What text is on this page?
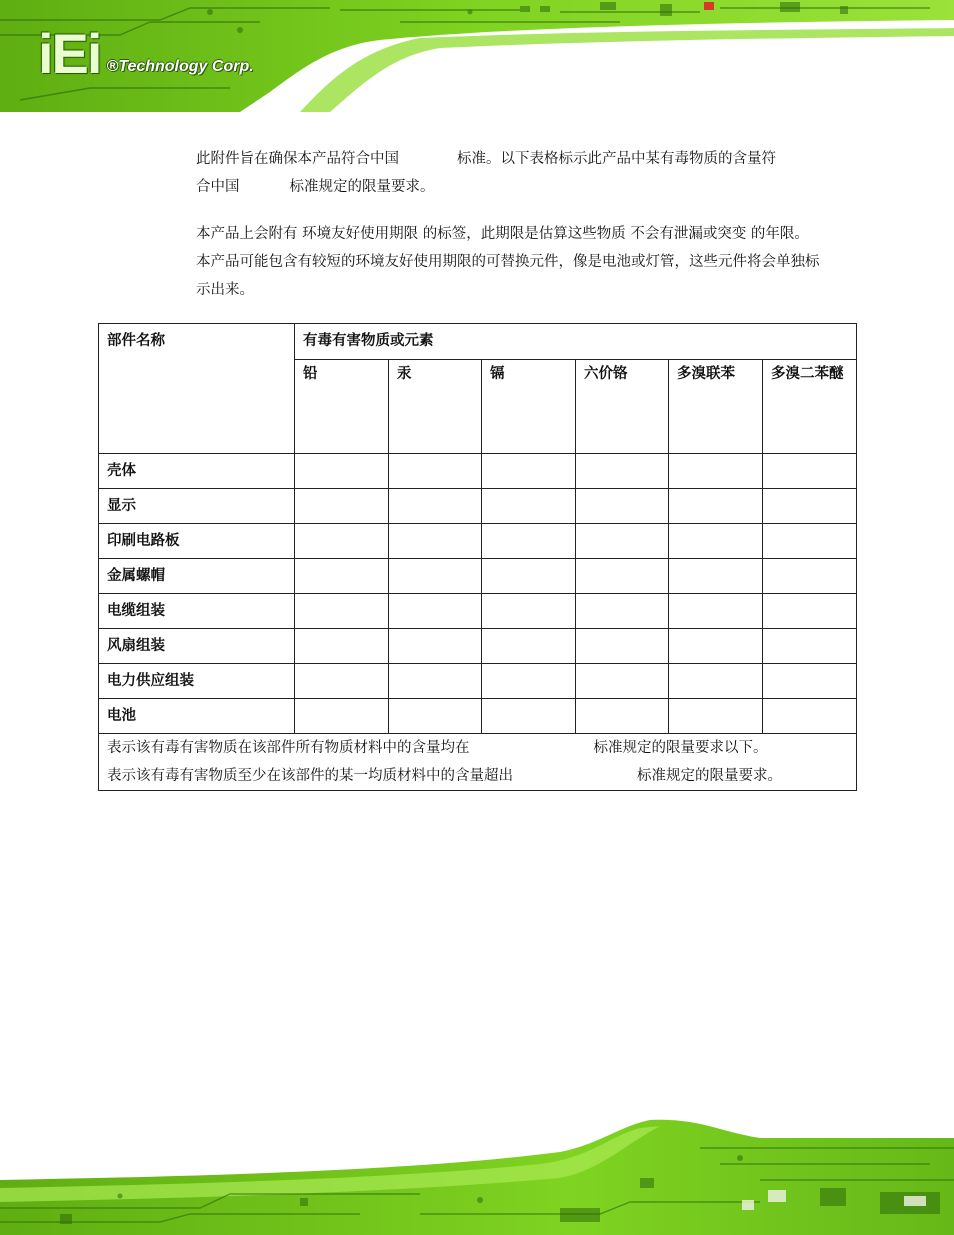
iEi ®Technology Corp.
此附件旨在确保本产品符合中国	标准。以下表格标示此产品中某有毒物质的含量符
合中国	标准规定的限量要求。
本产品上会附有 环境友好使用期限 的标签，此期限是估算这些物质 不会有泄漏或突变 的年限。本产品可能包含有较短的环境友好使用期限的可替换元件，像是电池或灯管，这些元件将会单独标示出来。
部件名称	有毒有害物质或元素					
	铅	汞	镉	六价铬	多溴联苯	多溴二苯醚
壳体						
显示						
印刷电路板						
金属螺帽						
电缆组装						
风扇组装						
电力供应组装						
电池						

表示该有毒有害物质在该部件所有物质材料中的含量均在 标准规定的限量要求以下。
表示该有毒有害物质至少在该部件的某一均质材料中的含量超出 标准规定的限量要求。						
